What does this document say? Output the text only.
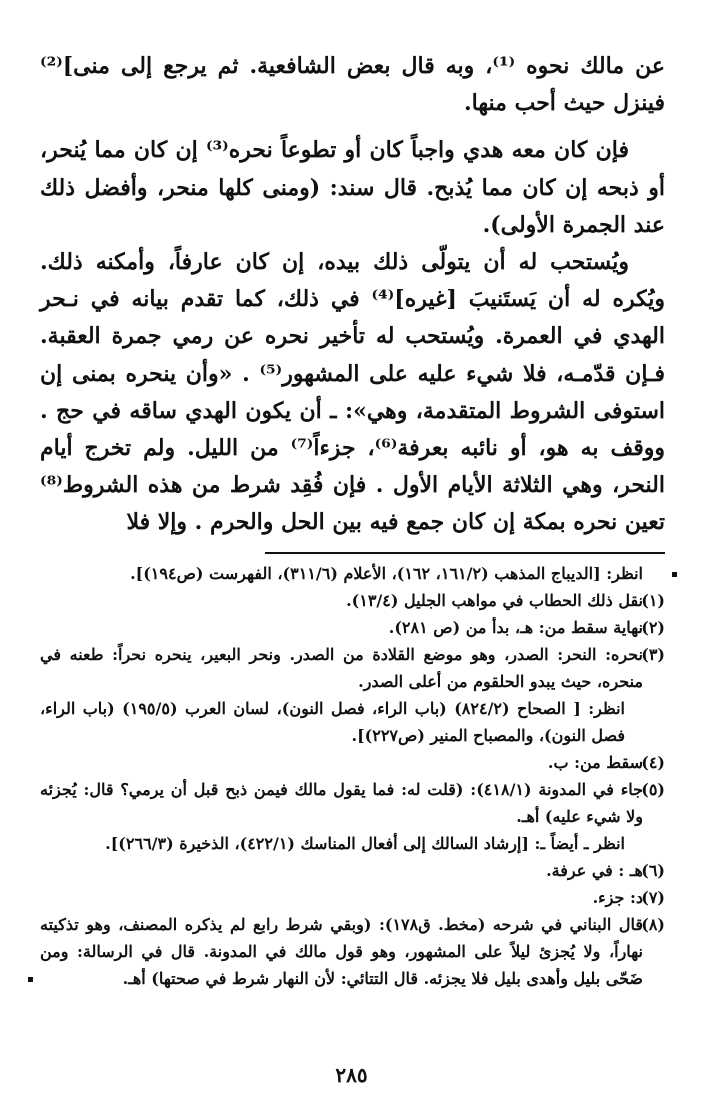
عن مالك نحوه ⁽¹⁾، وبه قال بعض الشافعية. ثم يرجع إلى منى]⁽²⁾ فينزل حيث أحب منها.

فإن كان معه هدي واجباً كان أو تطوعاً نحره⁽³⁾ إن كان مما يُنحر، أو ذبحه إن كان مما يُذبح. قال سند: (ومنى كلها منحر، وأفضل ذلك عند الجمرة الأولى).

ويُستحب له أن يتولّى ذلك بيده، إن كان عارفاً، وأمكنه ذلك. ويُكره له أن يَستَنيبَ [غيره]⁽⁴⁾ في ذلك، كما تقدم بيانه في نـحر الهدي في العمرة. ويُستحب له تأخير نحره عن رمي جمرة العقبة. فـإن قدّمـه، فلا شيء عليه على المشهور⁽⁵⁾ . «وأن ينحره بمنى إن استوفى الشروط المتقدمة، وهي»: ـ أن يكون الهدي ساقه في حج . ووقف به هو، أو نائبه بعرفة⁽⁶⁾، جزءاً⁽⁷⁾ من الليل. ولم تخرج أيام النحر، وهي الثلاثة الأيام الأول . فإن فُقِد شرط من هذه الشروط⁽⁸⁾ تعين نحره بمكة إن كان جمع فيه بين الحل والحرم . وإلا فلا

انظر: [الديباج المذهب (١٦١/٢، ١٦٢)، الأعلام (٣١١/٦)، الفهرست (ص١٩٤)].

(١)

نقل ذلك الحطاب في مواهب الجليل (١٣/٤).

(٢)

نهاية سقط من: هـ، بدأ من (ص ٢٨١).

(٣)

نحره: النحر: الصدر، وهو موضع القلادة من الصدر. ونحر البعير، ينحره نحراً: طعنه في منحره، حيث يبدو الحلقوم من أعلى الصدر.

انظر: [ الصحاح (٨٢٤/٢) (باب الراء، فصل النون)، لسان العرب (١٩٥/٥) (باب الراء، فصل النون)، والمصباح المنير (ص٢٢٧)].

(٤)

سقط من: ب.

(٥)

جاء في المدونة (٤١٨/١): (قلت له: فما يقول مالك فيمن ذبح قبل أن يرمي؟ قال: يُجزئه ولا شيء عليه) أهـ.

انظر ـ أيضاً ـ: [إرشاد السالك إلى أفعال المناسك (٤٢٢/١)، الذخيرة (٢٦٦/٣)].

(٦)

هـ : في عرفة.

(٧)

د: جزء.

(٨)

قال البناني في شرحه (مخط. ق١٧٨): (وبقي شرط رابع لم يذكره المصنف، وهو تذكيته نهاراً، ولا يُجزئ ليلاً على المشهور، وهو قول مالك في المدونة. قال في الرسالة: ومن ضَحّى بليل وأهدى بليل فلا يجزئه. قال التتائي: لأن النهار شرط في صحتها) أهـ.

٢٨٥
